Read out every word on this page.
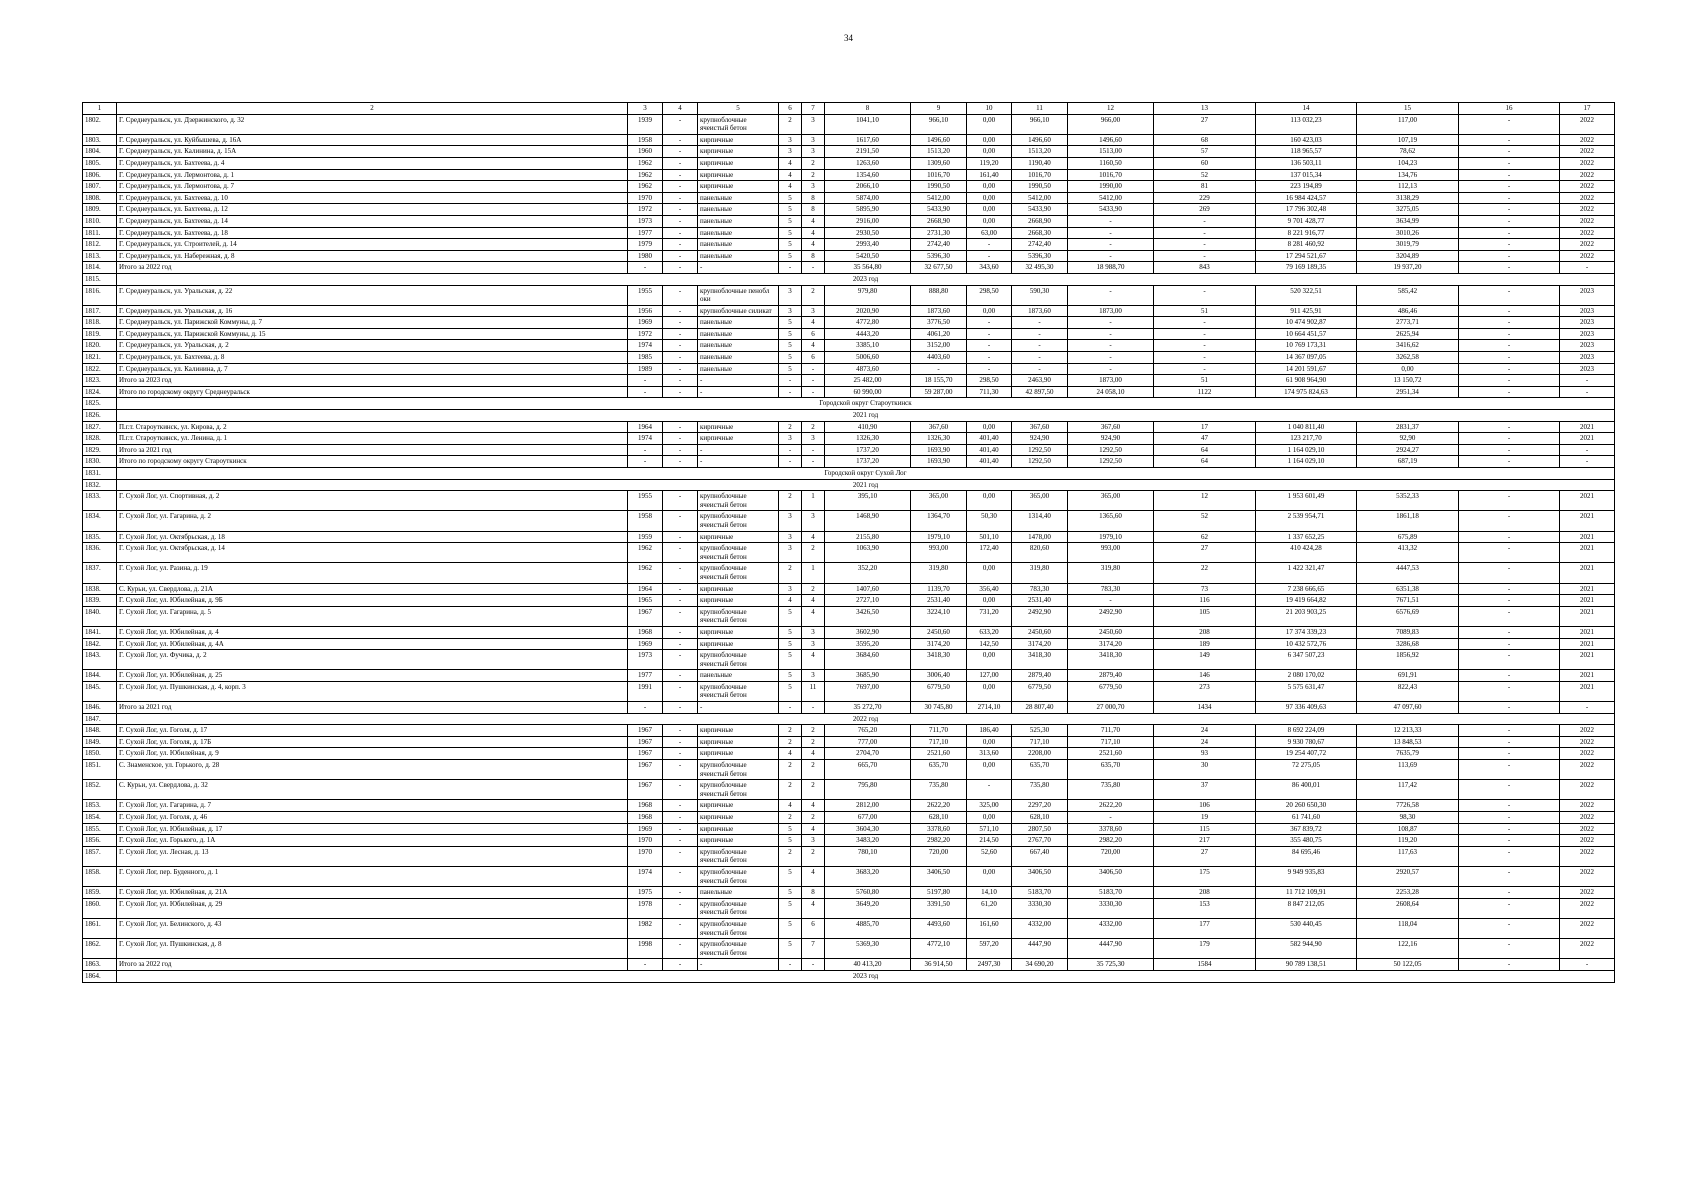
34
1	2	3	4	5	6	7	8	9	10	11	12	13	14	15	16	17
1802.	Г. Среднеуральск, ул. Дзержинского, д. 32	1939	-	крупноблочные ячеистый бетон	2	3	1041,10	966,10	0,00	966,10	966,00	27	113 032,23	117,00	-	2022
1803.	Г. Среднеуральск, ул. Куйбышева, д. 16А	1958	-	кирпичные	3	3	1617,60	1496,60	0,00	1496,60	1496,60	68	160 423,03	107,19	-	2022
1804.	Г. Среднеуральск, ул. Калинина, д. 15А	1960	-	кирпичные	3	3	2191,50	1513,20	0,00	1513,20	1513,00	57	118 965,57	78,62	-	2022
1805.	Г. Среднеуральск, ул. Бахтеева, д. 4	1962	-	кирпичные	4	2	1263,60	1309,60	119,20	1190,40	1160,50	60	136 503,11	104,23	-	2022
1806.	Г. Среднеуральск, ул. Лермонтова, д. 1	1962	-	кирпичные	4	2	1354,60	1016,70	161,40	1016,70	1016,70	52	137 015,34	134,76	-	2022
1807.	Г. Среднеуральск, ул. Лермонтова, д. 7	1962	-	кирпичные	4	3	2066,10	1990,50	0,00	1990,50	1990,00	81	223 194,89	112,13	-	2022
1808.	Г. Среднеуральск, ул. Бахтеева, д. 10	1970	-	панельные	5	8	5874,00	5412,00	0,00	5412,00	5412,00	229	16 984 424,57	3138,29	-	2022
1809.	Г. Среднеуральск, ул. Бахтеева, д. 12	1972	-	панельные	5	8	5895,90	5433,90	0,00	5433,90	5433,90	269	17 796 302,48	3275,05	-	2022
1810.	Г. Среднеуральск, ул. Бахтеева, д. 14	1973	-	панельные	5	4	2916,00	2668,90	0,00	2668,90	-	-	9 701 428,77	3634,99	-	2022
1811.	Г. Среднеуральск, ул. Бахтеева, д. 18	1977	-	панельные	5	4	2930,50	2731,30	63,00	2668,30	-	-	8 221 916,77	3010,26	-	2022
1812.	Г. Среднеуральск, ул. Строителей, д. 14	1979	-	панельные	5	4	2993,40	2742,40	-	2742,40	-	-	8 281 460,92	3019,79	-	2022
1813.	Г. Среднеуральск, ул. Набережная, д. 8	1980	-	панельные	5	8	5420,50	5396,30	-	5396,30	-	-	17 294 521,67	3204,89	-	2022
1814.	Итого за 2022 год	-	-	-	-	-	35 564,80	32 677,50	343,60	32 495,30	18 988,70	843	79 169 189,35	19 937,20	-	-
1815.	2023 год															
1816.	Г. Среднеуральск, ул. Уральская, д. 22	1955	-	крупноблочные пенобл​оки	3	2	979,80	888,80	298,50	590,30	-	-	520 322,51	585,42	-	2023
1817.	Г. Среднеуральск, ул. Уральская, д. 16	1956	-	крупноблочные силикат	3	3	2020,90	1873,60	0,00	1873,60	1873,00	51	911 425,91	486,46	-	2023
1818.	Г. Среднеуральск, ул. Парижской Коммуны, д. 7	1969	-	панельные	5	4	4772,80	3776,50	-	-	-	-	10 474 902,87	2773,71	-	2023
1819.	Г. Среднеуральск, ул. Парижской Коммуны, д. 15	1972	-	панельные	5	6	4443,20	4061,20	-	-	-	-	10 664 451,57	2625,94	-	2023
1820.	Г. Среднеуральск, ул. Уральская, д. 2	1974	-	панельные	5	4	3385,10	3152,00	-	-	-	-	10 769 173,31	3416,62	-	2023
1821.	Г. Среднеуральск, ул. Бахтеева, д. 8	1985	-	панельные	5	6	5006,60	4403,60	-	-	-	-	14 367 097,05	3262,58	-	2023
1822.	Г. Среднеуральск, ул. Калинина, д. 7	1989	-	панельные	5	-	4873,60	-	-	-	-	-	14 201 591,67	0,00	-	2023
1823.	Итого за 2023 год	-	-	-	-	-	25 482,00	18 155,70	298,50	2463,90	1873,00	51	61 908 964,90	13 150,72	-	-
1824.	Итого по городскому округу Среднеуральск	-	-	-	-	-	60 990,00	59 287,00	711,30	42 897,50	24 058,10	1122	174 975 824,63	2951,34	-	-
1825.	Городской округ Староуткинск															
1826.	2021 год															
1827.	П.г.т. Староуткинск, ул. Кирова, д. 2	1964	-	кирпичные	2	2	410,90	367,60	0,00	367,60	367,60	17	1 040 811,40	2831,37	-	2021
1828.	П.г.т. Староуткинск, ул. Ленина, д. 1	1974	-	кирпичные	3	3	1326,30	1326,30	401,40	924,90	924,90	47	123 217,70	92,90	-	2021
1829.	Итого за 2021 год	-	-	-	-	-	1737,20	1693,90	401,40	1292,50	1292,50	64	1 164 029,10	2924,27	-	-
1830.	Итого по городскому округу Староуткинск	-	-	-	-	-	1737,20	1693,90	401,40	1292,50	1292,50	64	1 164 029,10	687,19	-	-
1831.	Городской округ Сухой Лог															
1832.	2021 год															
1833.	Г. Сухой Лог, ул. Спортивная, д. 2	1955	-	крупноблочные ячеистый бетон	2	1	395,10	365,00	0,00	365,00	365,00	12	1 953 601,49	5352,33	-	2021
1834.	Г. Сухой Лог, ул. Гагарина, д. 2	1958	-	крупноблочные ячеистый бетон	3	3	1468,90	1364,70	50,30	1314,40	1365,60	52	2 539 954,71	1861,18	-	2021
1835.	Г. Сухой Лог, ул. Октябрьская, д. 18	1959	-	кирпичные	3	4	2155,80	1979,10	501,10	1478,00	1979,10	62	1 337 652,25	675,89	-	2021
1836.	Г. Сухой Лог, ул. Октябрьская, д. 14	1962	-	крупноблочные ячеистый бетон	3	2	1063,90	993,00	172,40	820,60	993,00	27	410 424,28	413,32	-	2021
1837.	Г. Сухой Лог, ул. Разина, д. 19	1962	-	крупноблочные ячеистый бетон	2	1	352,20	319,80	0,00	319,80	319,80	22	1 422 321,47	4447,53	-	2021
1838.	С. Курьи, ул. Свердлова, д. 21А	1964	-	кирпичные	3	2	1407,60	1139,70	356,40	783,30	783,30	73	7 238 666,65	6351,38	-	2021
1839.	Г. Сухой Лог, ул. Юбилейная, д. 9Б	1965	-	кирпичные	4	4	2727,10	2531,40	0,00	2531,40	-	116	19 419 664,82	7671,51	-	2021
1840.	Г. Сухой Лог, ул. Гагарина, д. 5	1967	-	крупноблочные ячеистый бетон	5	4	3426,50	3224,10	731,20	2492,90	2492,90	105	21 203 903,25	6576,69	-	2021
1841.	Г. Сухой Лог, ул. Юбилейная, д. 4	1968	-	кирпичные	5	3	3602,90	2450,60	633,20	2450,60	2450,60	208	17 374 339,23	7089,83	-	2021
1842.	Г. Сухой Лог, ул. Юбилейная, д. 4А	1969	-	кирпичные	5	3	3595,20	3174,20	142,50	3174,20	3174,20	189	10 432 572,76	3286,68	-	2021
1843.	Г. Сухой Лог, ул. Фучика, д. 2	1973	-	крупноблочные ячеистый бетон	5	4	3684,60	3418,30	0,00	3418,30	3418,30	149	6 347 507,23	1856,92	-	2021
1844.	Г. Сухой Лог, ул. Юбилейная, д. 25	1977	-	панельные	5	3	3685,90	3006,40	127,00	2879,40	2879,40	146	2 080 170,02	691,91	-	2021
1845.	Г. Сухой Лог, ул. Пушкинская, д. 4, корп. 3	1991	-	крупноблочные ячеистый бетон	5	11	7697,00	6779,50	0,00	6779,50	6779,50	273	5 575 631,47	822,43	-	2021
1846.	Итого за 2021 год	-	-	-	-	-	35 272,70	30 745,80	2714,10	28 807,40	27 000,70	1434	97 336 409,63	47 097,60	-	-
1847.	2022 год															
1848.	Г. Сухой Лог, ул. Гоголя, д. 17	1967	-	кирпичные	2	2	765,20	711,70	186,40	525,30	711,70	24	8 692 224,09	12 213,33	-	2022
1849.	Г. Сухой Лог, ул. Гоголя, д. 17Б	1967	-	кирпичные	2	2	777,00	717,10	0,00	717,10	717,10	24	9 930 780,67	13 848,53	-	2022
1850.	Г. Сухой Лог, ул. Юбилейная, д. 9	1967	-	кирпичные	4	4	2704,70	2521,60	313,60	2208,00	2521,60	93	19 254 407,72	7635,79	-	2022
1851.	С. Знаменское, ул. Горького, д. 28	1967	-	крупноблочные ячеистый бетон	2	2	665,70	635,70	0,00	635,70	635,70	30	72 275,05	113,69	-	2022
1852.	С. Курьи, ул. Свердлова, д. 32	1967	-	крупноблочные ячеистый бетон	2	2	795,80	735,80	-	735,80	735,80	37	86 400,01	117,42	-	2022
1853.	Г. Сухой Лог, ул. Гагарина, д. 7	1968	-	кирпичные	4	4	2812,00	2622,20	325,00	2297,20	2622,20	106	20 260 650,30	7726,58	-	2022
1854.	Г. Сухой Лог, ул. Гоголя, д. 46	1968	-	кирпичные	2	2	677,00	628,10	0,00	628,10	-	19	61 741,60	98,30	-	2022
1855.	Г. Сухой Лог, ул. Юбилейная, д. 17	1969	-	кирпичные	5	4	3604,30	3378,60	571,10	2807,50	3378,60	115	367 839,72	108,87	-	2022
1856.	Г. Сухой Лог, ул. Горького, д. 1А	1970	-	кирпичные	5	3	3483,20	2982,20	214,50	2767,70	2982,20	217	355 480,75	119,20	-	2022
1857.	Г. Сухой Лог, ул. Лесная, д. 13	1970	-	крупноблочные ячеистый бетон	2	2	780,10	720,00	52,60	667,40	720,00	27	84 695,46	117,63	-	2022
1858.	Г. Сухой Лог, пер. Буденного, д. 1	1974	-	крупноблочные ячеистый бетон	5	4	3683,20	3406,50	0,00	3406,50	3406,50	175	9 949 935,83	2920,57	-	2022
1859.	Г. Сухой Лог, ул. Юбилейная, д. 21А	1975	-	панельные	5	8	5760,80	5197,80	14,10	5183,70	5183,70	208	11 712 109,91	2253,28	-	2022
1860.	Г. Сухой Лог, ул. Юбилейная, д. 29	1978	-	крупноблочные ячеистый бетон	5	4	3649,20	3391,50	61,20	3330,30	3330,30	153	8 847 212,05	2608,64	-	2022
1861.	Г. Сухой Лог, ул. Белинского, д. 43	1982	-	крупноблочные ячеистый бетон	5	6	4885,70	4493,60	161,60	4332,00	4332,00	177	530 440,45	118,04	-	2022
1862.	Г. Сухой Лог, ул. Пушкинская, д. 8	1998	-	крупноблочные ячеистый бетон	5	7	5369,30	4772,10	597,20	4447,90	4447,90	179	582 944,90	122,16	-	2022
1863.	Итого за 2022 год	-	-	-	-	-	40 413,20	36 914,50	2497,30	34 690,20	35 725,30	1584	90 789 138,51	50 122,05	-	-
1864.	2023 год															
